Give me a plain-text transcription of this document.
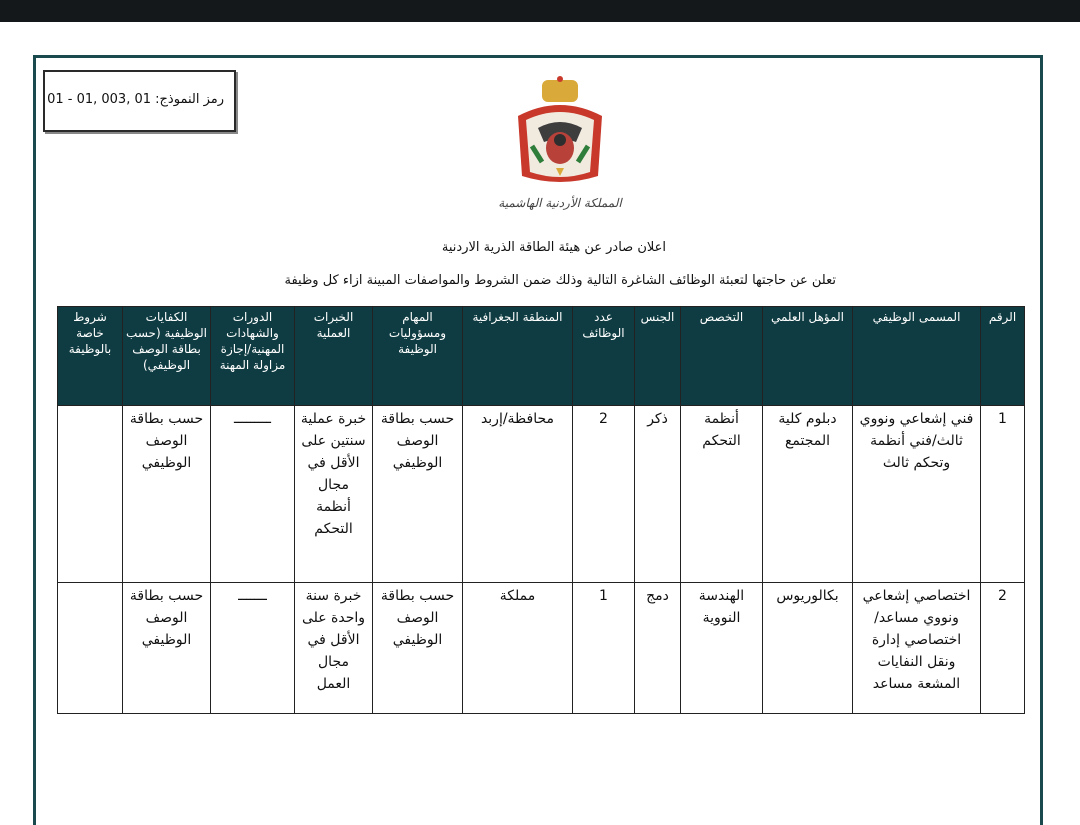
رمز النموذج: 01 ,003 ,01 - 01
المملكة الأردنية الهاشمية
اعلان صادر عن هيئة الطاقة الذرية الاردنية
تعلن عن حاجتها لتعبئة الوظائف الشاغرة التالية وذلك ضمن الشروط والمواصفات المبينة ازاء كل وظيفة
الرقم	المسمى الوظيفي	المؤهل العلمي	التخصص	الجنس	عدد الوظائف	المنطقة الجغرافية	المهام ومسؤوليات الوظيفة	الخبرات العملية	الدورات والشهادات المهنية/إجازة مزاولة المهنة	الكفايات الوظيفية (حسب بطاقة الوصف الوظيفي)	شروط خاصة بالوظيفة
1	فني إشعاعي ونووي ثالث/فني أنظمة وتحكم ثالث	دبلوم كلية المجتمع	أنظمة التحكم	ذكر	2	محافظة/إربد	حسب بطاقة الوصف الوظيفي	خبرة عملية سنتين على الأقل في مجال أنظمة التحكم	ـــــــــ	حسب بطاقة الوصف الوظيفي	
2	اختصاصي إشعاعي ونووي مساعد/اختصاصي إدارة ونقل النفايات المشعة مساعد	بكالوريوس	الهندسة النووية	دمج	1	مملكة	حسب بطاقة الوصف الوظيفي	خبرة سنة واحدة على الأقل في مجال العمل	ـــــــ	حسب بطاقة الوصف الوظيفي	
